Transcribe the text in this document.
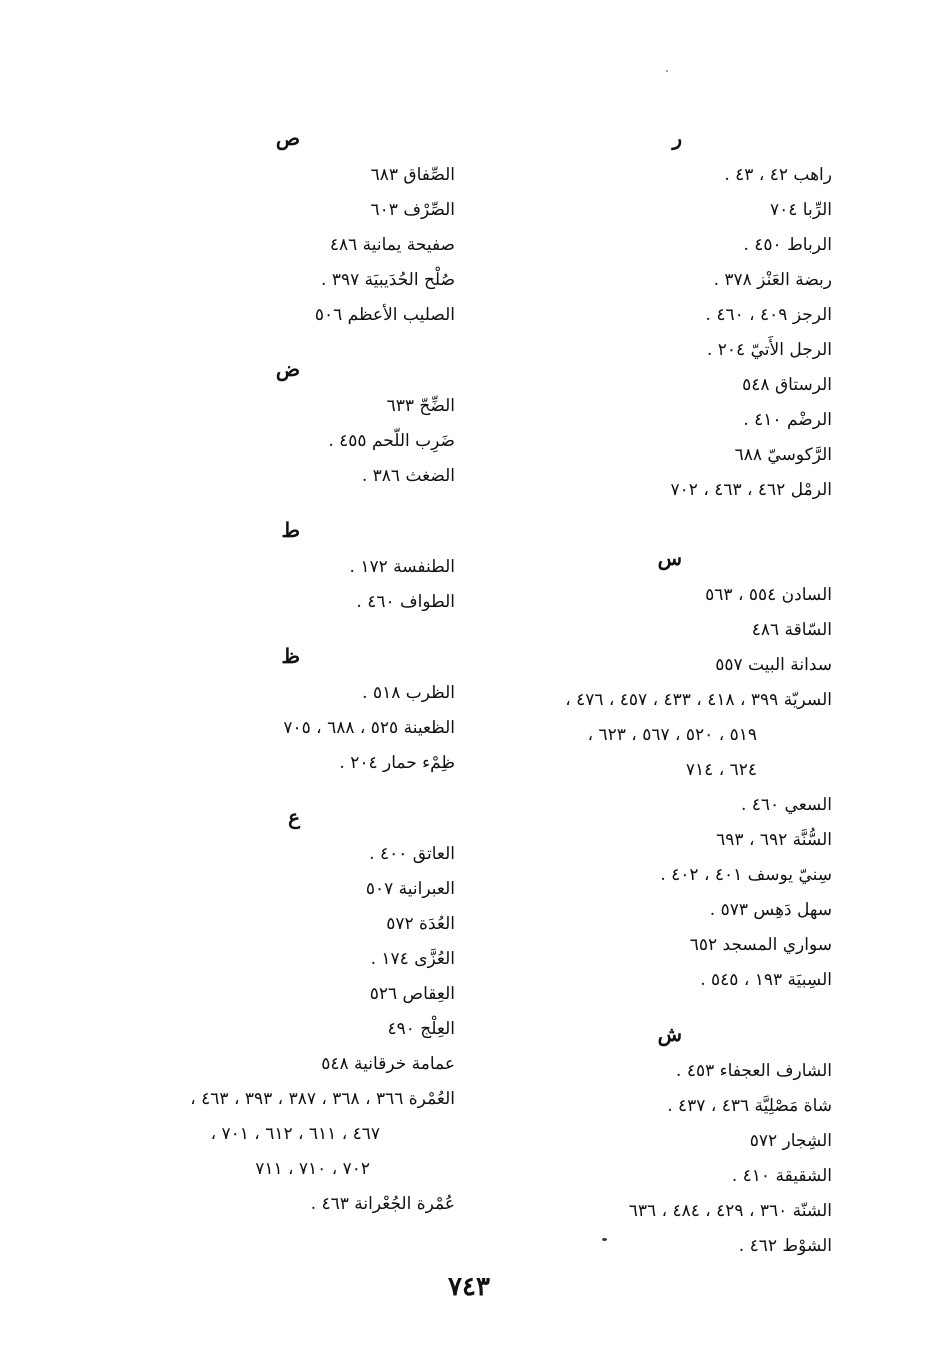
ر
راهب ٤٢ ، ٤٣ .
الرِّبا ٧٠٤
الرباط ٤٥٠ .
ربضة العَنْز ٣٧٨ .
الرجز ٤٠٩ ، ٤٦٠ .
الرجل الأَتيّ ٢٠٤ .
الرستاق ٥٤٨
الرضْم ٤١٠ .
الرَّكوسيّ ٦٨٨
الرمْل ٤٦٢ ، ٤٦٣ ، ٧٠٢
س
السادن ٥٥٤ ، ٥٦٣
السّاقة ٤٨٦
سدانة البيت ٥٥٧
السريّة ٣٩٩ ، ٤١٨ ، ٤٣٣ ، ٤٥٧ ، ٤٧٦ ،
٥١٩ ، ٥٢٠ ، ٥٦٧ ، ٦٢٣ ،
٦٢٤ ، ٧١٤
السعي ٤٦٠ .
السُّنَّة ٦٩٢ ، ٦٩٣
سِنيّ يوسف ٤٠١ ، ٤٠٢ .
سهل دَهِس ٥٧٣ .
سواري المسجد ٦٥٢
السِبيَة ١٩٣ ، ٥٤٥ .
ش
الشارف العجفاء ٤٥٣ .
شاة مَصْلِيَّة ٤٣٦ ، ٤٣٧ .
الشِجار ٥٧٢
الشقيقة ٤١٠ .
الشنّة ٣٦٠ ، ٤٢٩ ، ٤٨٤ ، ٦٣٦
الشوْط ٤٦٢ .
ص
الصِّفاق ٦٨٣
الصِّرْف ٦٠٣
صفيحة يمانية ٤٨٦
صُلْح الحُدَيبيَة ٣٩٧ .
الصليب الأعظم ٥٠٦
ض
الضِّحّ ٦٣٣
ضَرِب اللّحم ٤٥٥ .
الضغث ٣٨٦ .
ط
الطنفسة ١٧٢ .
الطواف ٤٦٠ .
ظ
الظرب ٥١٨ .
الظعينة ٥٢٥ ، ٦٨٨ ، ٧٠٥
ظِمْء حمار ٢٠٤ .
ع
العاتق ٤٠٠ .
العبرانية ٥٠٧
العُدَة ٥٧٢
العُزَّى ١٧٤ .
العِقاص ٥٢٦
العِلْج ٤٩٠
عمامة خرقانية ٥٤٨
العُمْرة ٣٦٦ ، ٣٦٨ ، ٣٨٧ ، ٣٩٣ ، ٤٦٣ ،
٤٦٧ ، ٦١١ ، ٦١٢ ، ٧٠١ ،
٧٠٢ ، ٧١٠ ، ٧١١
عُمْرة الجُعْرانة ٤٦٣ .
٧٤٣
